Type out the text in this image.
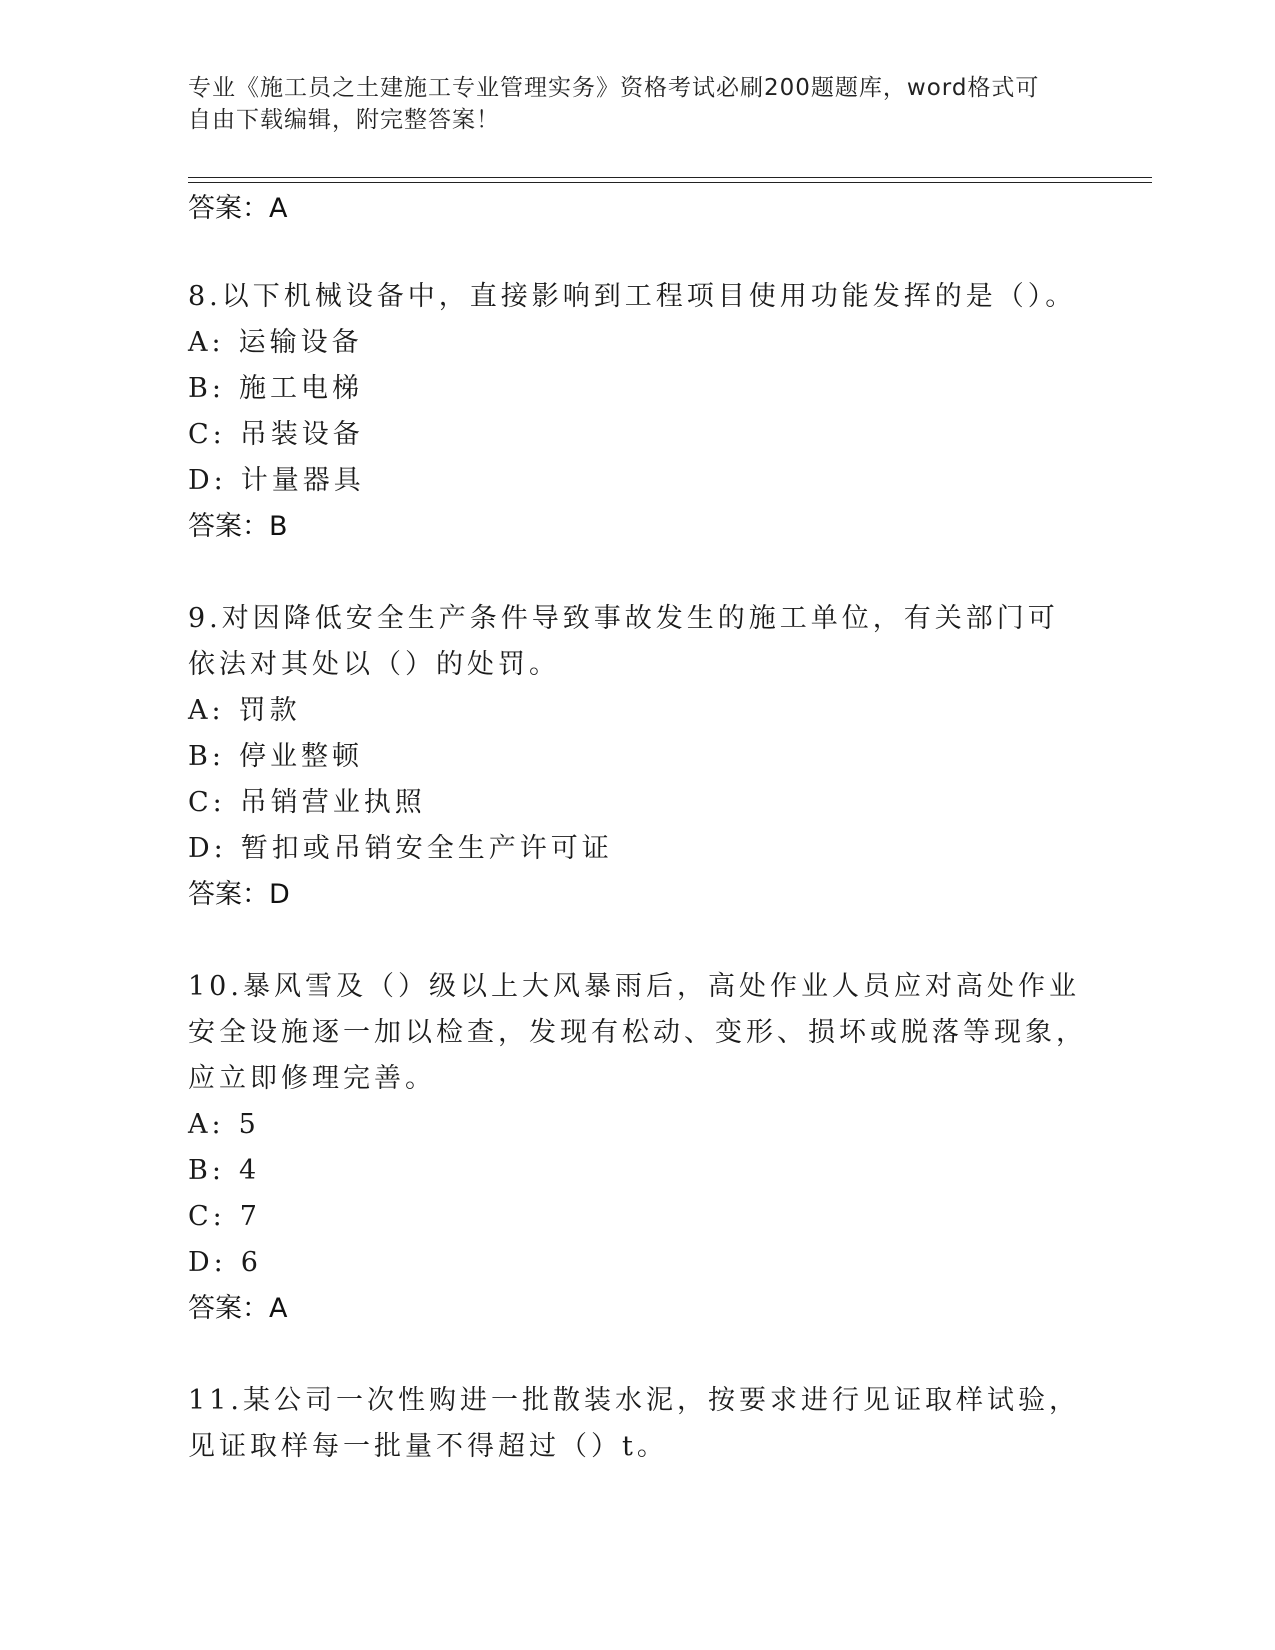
专业《施工员之土建施工专业管理实务》资格考试必刷200题题库，word格式可
自由下载编辑，附完整答案！
答案：A

8.以下机械设备中，直接影响到工程项目使用功能发挥的是（）。

A: 运输设备
B: 施工电梯
C: 吊装设备
D: 计量器具
答案：B

9.对因降低安全生产条件导致事故发生的施工单位，有关部门可依法对其处以（）的处罚。

A: 罚款
B: 停业整顿
C: 吊销营业执照
D: 暂扣或吊销安全生产许可证
答案：D

10.暴风雪及（）级以上大风暴雨后，高处作业人员应对高处作业安全设施逐一加以检查，发现有松动、变形、损坏或脱落等现象，应立即修理完善。

A: 5
B: 4
C: 7
D: 6
答案：A

11.某公司一次性购进一批散装水泥，按要求进行见证取样试验，见证取样每一批量不得超过（）t。
